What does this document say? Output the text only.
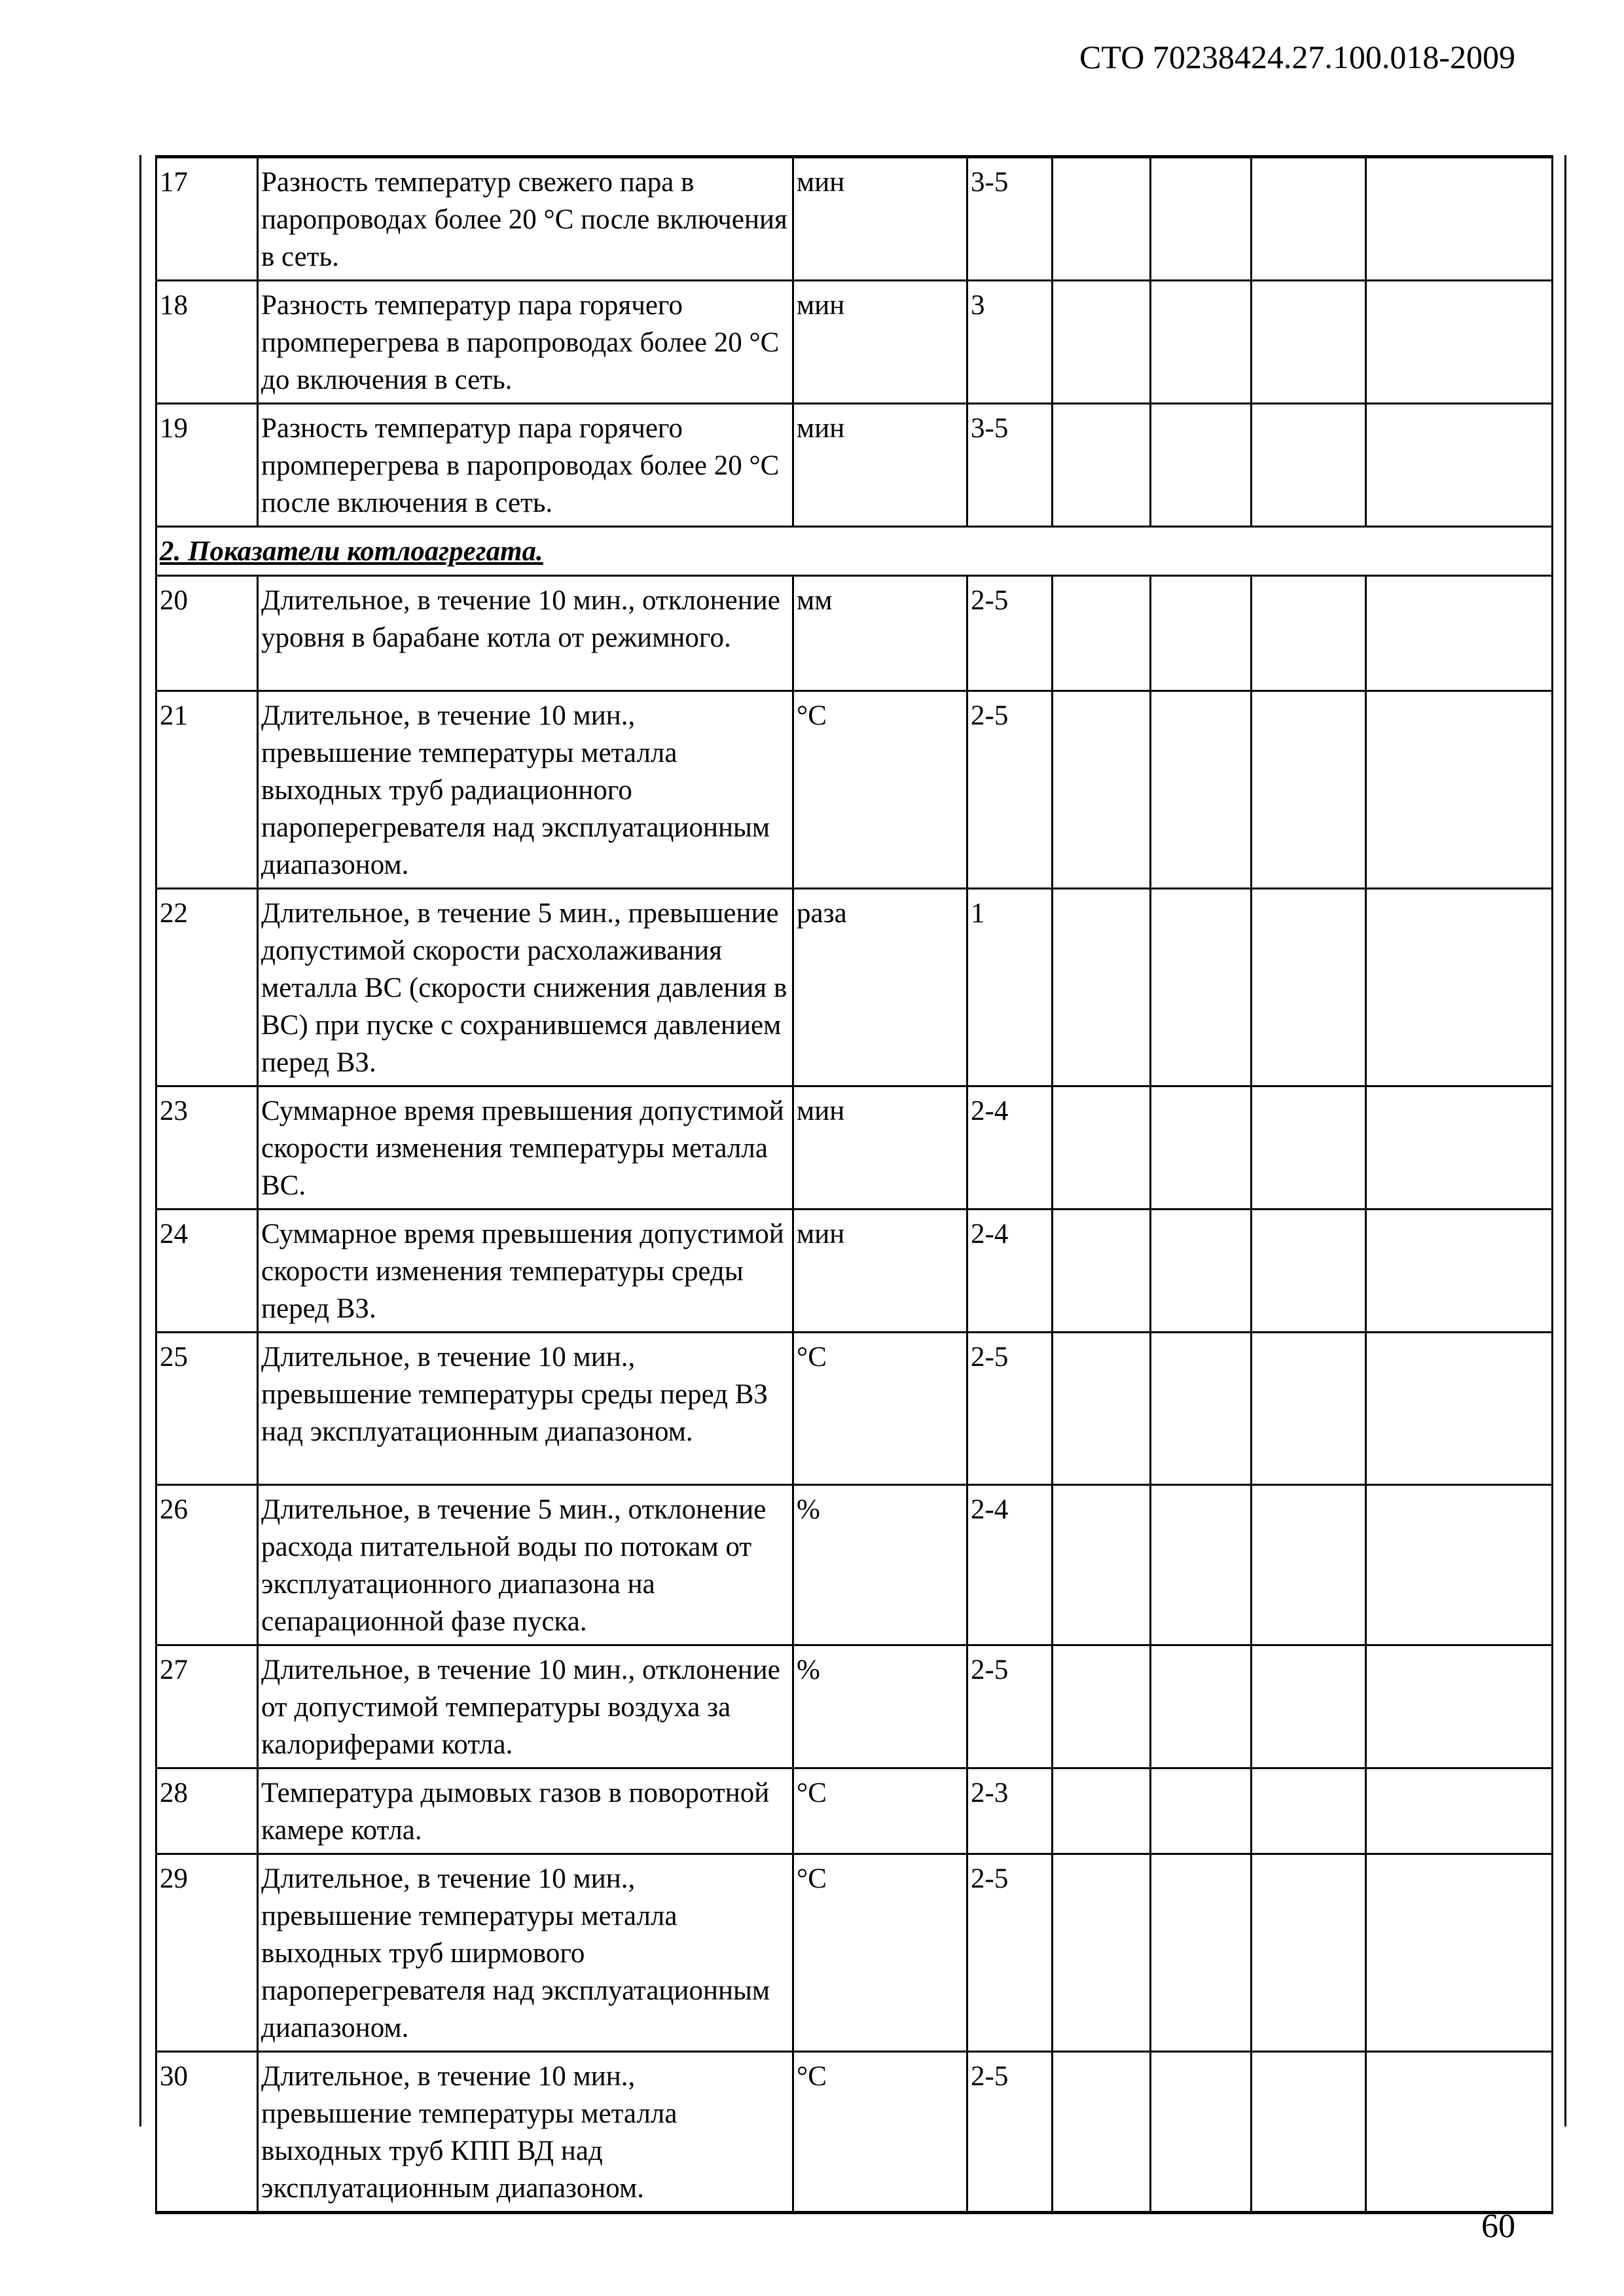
СТО 70238424.27.100.018-2009
17	Разность температур свежего пара в паропроводах более 20 °С после включения в сеть.	мин	3-5				
18	Разность температур пара горячего промперегрева в паропроводах более 20 °С до включения в сеть.	мин	3				
19	Разность температур пара горячего промперегрева в паропроводах более 20 °С после включения в сеть.	мин	3-5				
2. Показатели котлоагрегата.							
20	Длительное, в течение 10 мин., отклонение уровня в барабане котла от режимного.	мм	2-5				
21	Длительное, в течение 10 мин., превышение температуры металла выходных труб радиационного пароперегревателя над эксплуатационным диапазоном.	°С	2-5				
22	Длительное, в течение 5 мин., превышение допустимой скорости расхолаживания металла ВС (скорости снижения давления в ВС) при пуске с сохранившемся давлением перед ВЗ.	раза	1				
23	Суммарное время превышения допустимой скорости изменения температуры металла ВС.	мин	2-4				
24	Суммарное время превышения допустимой скорости изменения температуры среды перед ВЗ.	мин	2-4				
25	Длительное, в течение 10 мин., превышение температуры среды перед ВЗ над эксплуатационным диапазоном.	°С	2-5				
26	Длительное, в течение 5 мин., отклонение расхода питательной воды по потокам от эксплуатационного диапазона на сепарационной фазе пуска.	%	2-4				
27	Длительное, в течение 10 мин., отклонение от допустимой температуры воздуха за калориферами котла.	%	2-5				
28	Температура дымовых газов в поворотной камере котла.	°С	2-3				
29	Длительное, в течение 10 мин., превышение температуры металла выходных труб ширмового пароперегревателя над эксплуатационным диапазоном.	°С	2-5				
30	Длительное, в течение 10 мин., превышение температуры металла выходных труб КПП ВД над эксплуатационным диапазоном.	°С	2-5				
60
